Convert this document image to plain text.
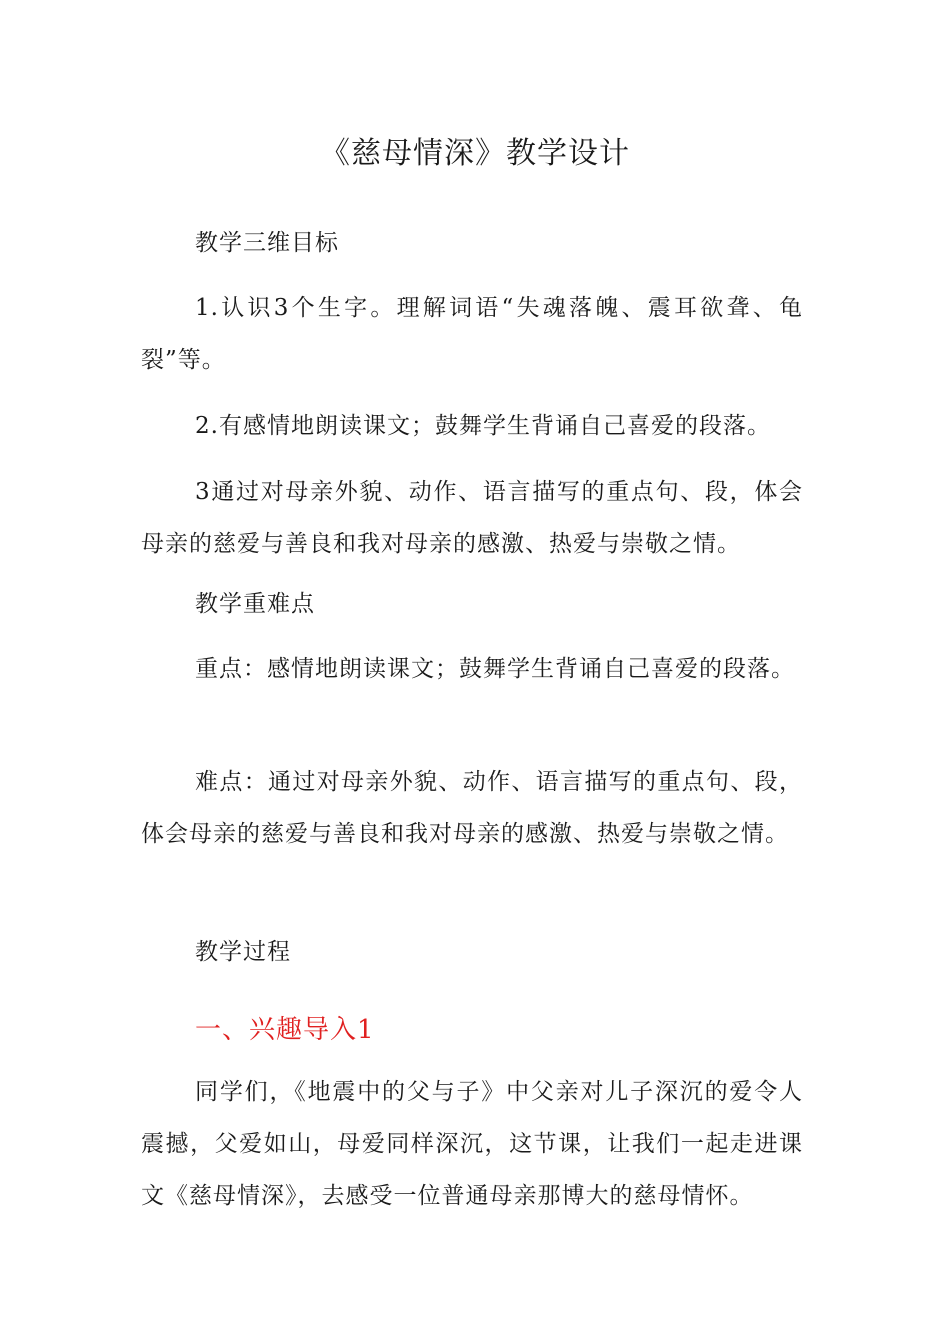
《慈母情深》教学设计
教学三维目标
1.认识3个生字。理解词语“失魂落魄、震耳欲聋、龟裂”等。
2.有感情地朗读课文；鼓舞学生背诵自己喜爱的段落。
3通过对母亲外貌、动作、语言描写的重点句、段，体会母亲的慈爱与善良和我对母亲的感激、热爱与崇敬之情。
教学重难点
重点：感情地朗读课文；鼓舞学生背诵自己喜爱的段落。
难点：通过对母亲外貌、动作、语言描写的重点句、段，体会母亲的慈爱与善良和我对母亲的感激、热爱与崇敬之情。
教学过程
一、兴趣导入1
同学们，《地震中的父与子》中父亲对儿子深沉的爱令人震撼，父爱如山，母爱同样深沉，这节课，让我们一起走进课文《慈母情深》，去感受一位普通母亲那博大的慈母情怀。
